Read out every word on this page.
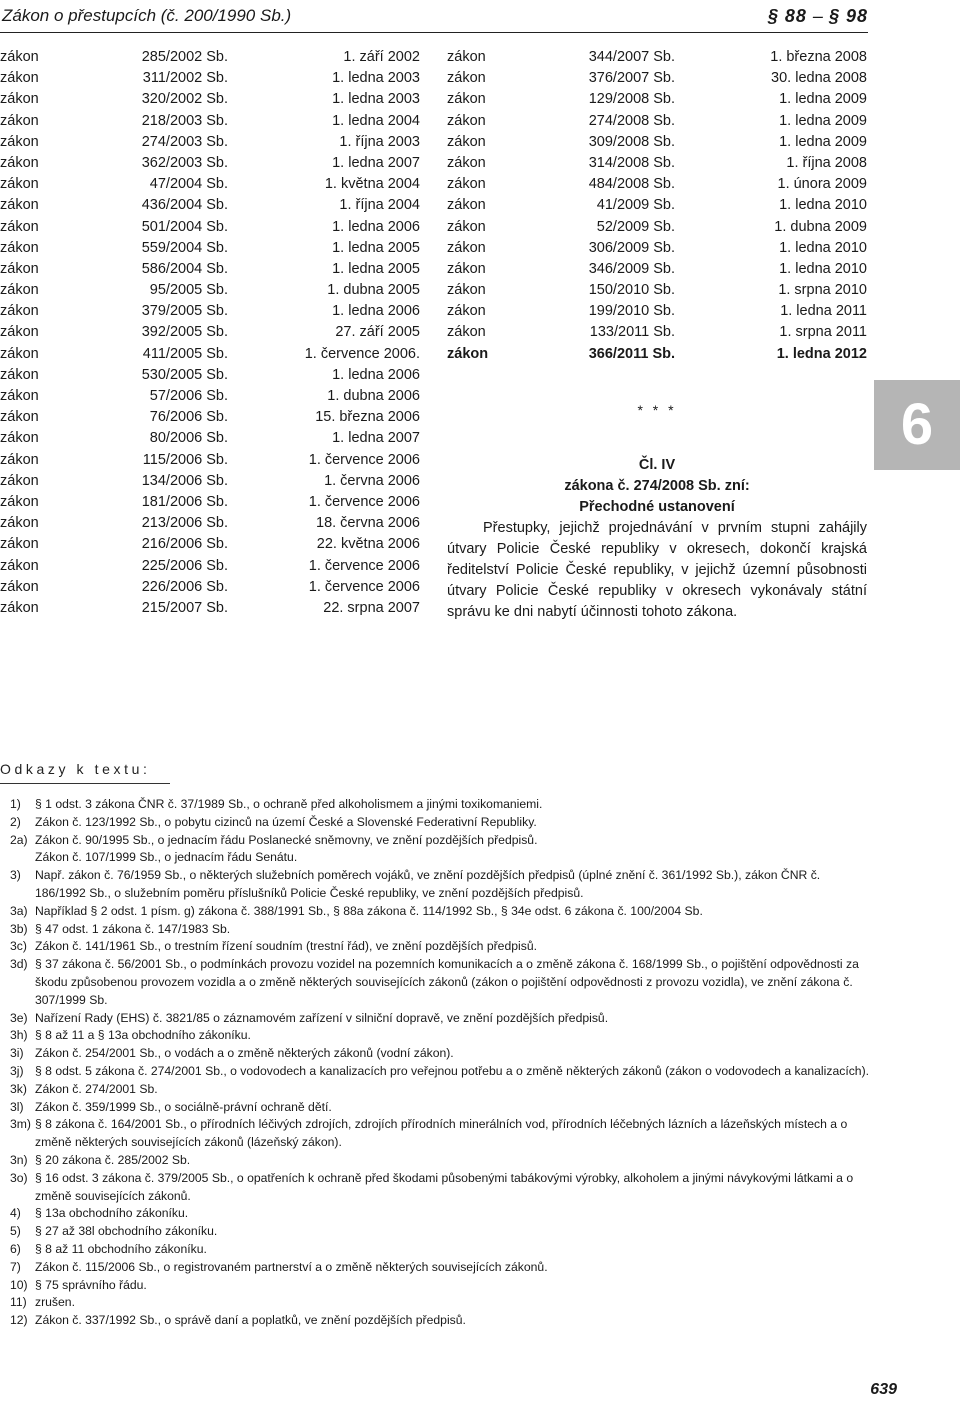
Zákon o přestupcích (č. 200/1990 Sb.)	§ 88 – § 98
zákon	285/2002 Sb.	1. září 2002
zákon	311/2002 Sb.	1. ledna 2003
zákon	320/2002 Sb.	1. ledna 2003
zákon	218/2003 Sb.	1. ledna 2004
zákon	274/2003 Sb.	1. října 2003
zákon	362/2003 Sb.	1. ledna 2007
zákon	47/2004 Sb.	1. května 2004
zákon	436/2004 Sb.	1. října 2004
zákon	501/2004 Sb.	1. ledna 2006
zákon	559/2004 Sb.	1. ledna 2005
zákon	586/2004 Sb.	1. ledna 2005
zákon	95/2005 Sb.	1. dubna 2005
zákon	379/2005 Sb.	1. ledna 2006
zákon	392/2005 Sb.	27. září 2005
zákon	411/2005 Sb.	1. července 2006.
zákon	530/2005 Sb.	1. ledna 2006
zákon	57/2006 Sb.	1. dubna 2006
zákon	76/2006 Sb.	15. března 2006
zákon	80/2006 Sb.	1. ledna 2007
zákon	115/2006 Sb.	1. července 2006
zákon	134/2006 Sb.	1. června 2006
zákon	181/2006 Sb.	1. července 2006
zákon	213/2006 Sb.	18. června 2006
zákon	216/2006 Sb.	22. května 2006
zákon	225/2006 Sb.	1. července 2006
zákon	226/2006 Sb.	1. července 2006
zákon	215/2007 Sb.	22. srpna 2007
zákon	344/2007 Sb.	1. března 2008
zákon	376/2007 Sb.	30. ledna 2008
zákon	129/2008 Sb.	1. ledna 2009
zákon	274/2008 Sb.	1. ledna 2009
zákon	309/2008 Sb.	1. ledna 2009
zákon	314/2008 Sb.	1. října 2008
zákon	484/2008 Sb.	1. února 2009
zákon	41/2009 Sb.	1. ledna 2010
zákon	52/2009 Sb.	1. dubna 2009
zákon	306/2009 Sb.	1. ledna 2010
zákon	346/2009 Sb.	1. ledna 2010
zákon	150/2010 Sb.	1. srpna 2010
zákon	199/2010 Sb.	1. ledna 2011
zákon	133/2011 Sb.	1. srpna 2011
zákon	366/2011 Sb.	1. ledna 2012
* * *
Čl. IV
zákona č. 274/2008 Sb. zní:
Přechodné ustanovení
Přestupky, jejichž projednávání v prvním stupni zahájily útvary Policie České republiky v okresech, dokončí krajská ředitelství Policie České republiky, v jejichž územní působnosti útvary Policie České republiky v okresech vykonávaly státní správu ke dni nabytí účinnosti tohoto zákona.
6
Odkazy k textu:
1) § 1 odst. 3 zákona ČNR č. 37/1989 Sb., o ochraně před alkoholismem a jinými toxikomaniemi.
2) Zákon č. 123/1992 Sb., o pobytu cizinců na území České a Slovenské Federativní Republiky.
2a) Zákon č. 90/1995 Sb., o jednacím řádu Poslanecké sněmovny, ve znění pozdějších předpisů.
Zákon č. 107/1999 Sb., o jednacím řádu Senátu.
3) Např. zákon č. 76/1959 Sb., o některých služebních poměrech vojáků, ve znění pozdějších předpisů (úplné znění č. 361/1992 Sb.), zákon ČNR č. 186/1992 Sb., o služebním poměru příslušníků Policie České republiky, ve znění pozdějších předpisů.
3a) Například § 2 odst. 1 písm. g) zákona č. 388/1991 Sb., § 88a zákona č. 114/1992 Sb., § 34e odst. 6 zákona č. 100/2004 Sb.
3b) § 47 odst. 1 zákona č. 147/1983 Sb.
3c) Zákon č. 141/1961 Sb., o trestním řízení soudním (trestní řád), ve znění pozdějších předpisů.
3d) § 37 zákona č. 56/2001 Sb., o podmínkách provozu vozidel na pozemních komunikacích a o změně zákona č. 168/1999 Sb., o pojištění odpovědnosti za škodu způsobenou provozem vozidla a o změně některých souvisejících zákonů (zákon o pojištění odpovědnosti z provozu vozidla), ve znění zákona č. 307/1999 Sb.
3e) Nařízení Rady (EHS) č. 3821/85 o záznamovém zařízení v silniční dopravě, ve znění pozdějších předpisů.
3h) § 8 až 11 a § 13a obchodního zákoníku.
3i) Zákon č. 254/2001 Sb., o vodách a o změně některých zákonů (vodní zákon).
3j) § 8 odst. 5 zákona č. 274/2001 Sb., o vodovodech a kanalizacích pro veřejnou potřebu a o změně některých zákonů (zákon o vodovodech a kanalizacích).
3k) Zákon č. 274/2001 Sb.
3l) Zákon č. 359/1999 Sb., o sociálně-právní ochraně dětí.
3m) § 8 zákona č. 164/2001 Sb., o přírodních léčivých zdrojích, zdrojích přírodních minerálních vod, přírodních léčebných lázních a lázeňských místech a o změně některých souvisejících zákonů (lázeňský zákon).
3n) § 20 zákona č. 285/2002 Sb.
3o) § 16 odst. 3 zákona č. 379/2005 Sb., o opatřeních k ochraně před škodami působenými tabákovými výrobky, alkoholem a jinými návykovými látkami a o změně souvisejících zákonů.
4) § 13a obchodního zákoníku.
5) § 27 až 38l obchodního zákoníku.
6) § 8 až 11 obchodního zákoníku.
7) Zákon č. 115/2006 Sb., o registrovaném partnerství a o změně některých souvisejících zákonů.
10) § 75 správního řádu.
11) zrušen.
12) Zákon č. 337/1992 Sb., o správě daní a poplatků, ve znění pozdějších předpisů.
639
